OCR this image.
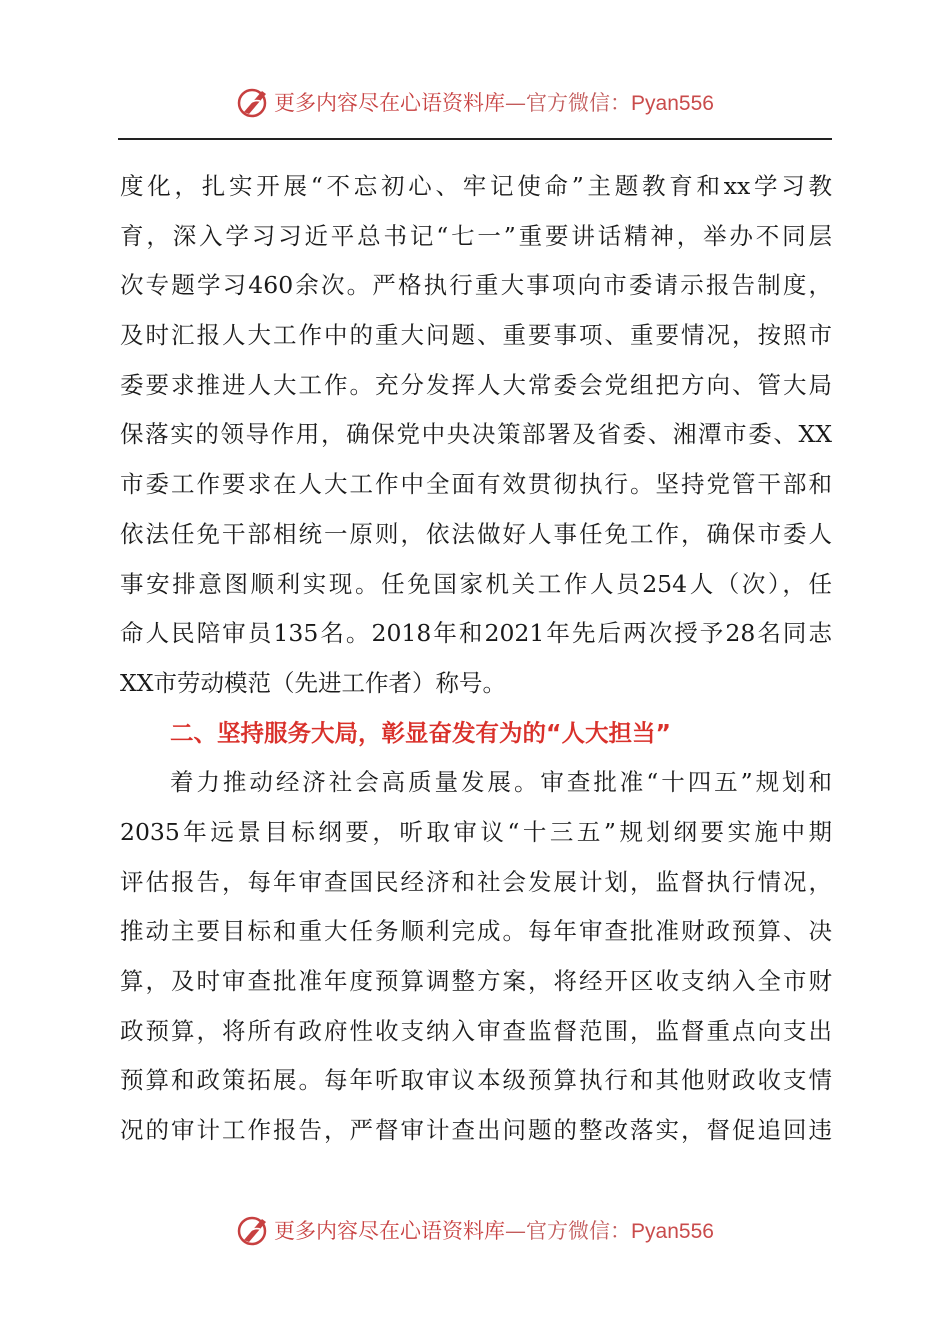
更多内容尽在心语资料库—官方微信：Pyan556
度化，扎实开展“不忘初心、牢记使命”主题教育和xx学习教
育，深入学习习近平总书记“七一”重要讲话精神，举办不同层
次专题学习460余次。严格执行重大事项向市委请示报告制度，
及时汇报人大工作中的重大问题、重要事项、重要情况，按照市
委要求推进人大工作。充分发挥人大常委会党组把方向、管大局
保落实的领导作用，确保党中央决策部署及省委、湘潭市委、XX
市委工作要求在人大工作中全面有效贯彻执行。坚持党管干部和
依法任免干部相统一原则，依法做好人事任免工作，确保市委人
事安排意图顺利实现。任免国家机关工作人员254人（次），任
命人民陪审员135名。2018年和2021年先后两次授予28名同志
XX市劳动模范（先进工作者）称号。
二、坚持服务大局，彰显奋发有为的“人大担当”
着力推动经济社会高质量发展。审查批准“十四五”规划和
2035年远景目标纲要，听取审议“十三五”规划纲要实施中期
评估报告，每年审查国民经济和社会发展计划，监督执行情况，
推动主要目标和重大任务顺利完成。每年审查批准财政预算、决
算，及时审查批准年度预算调整方案，将经开区收支纳入全市财
政预算，将所有政府性收支纳入审查监督范围，监督重点向支出
预算和政策拓展。每年听取审议本级预算执行和其他财政收支情
况的审计工作报告，严督审计查出问题的整改落实，督促追回违
更多内容尽在心语资料库—官方微信：Pyan556
